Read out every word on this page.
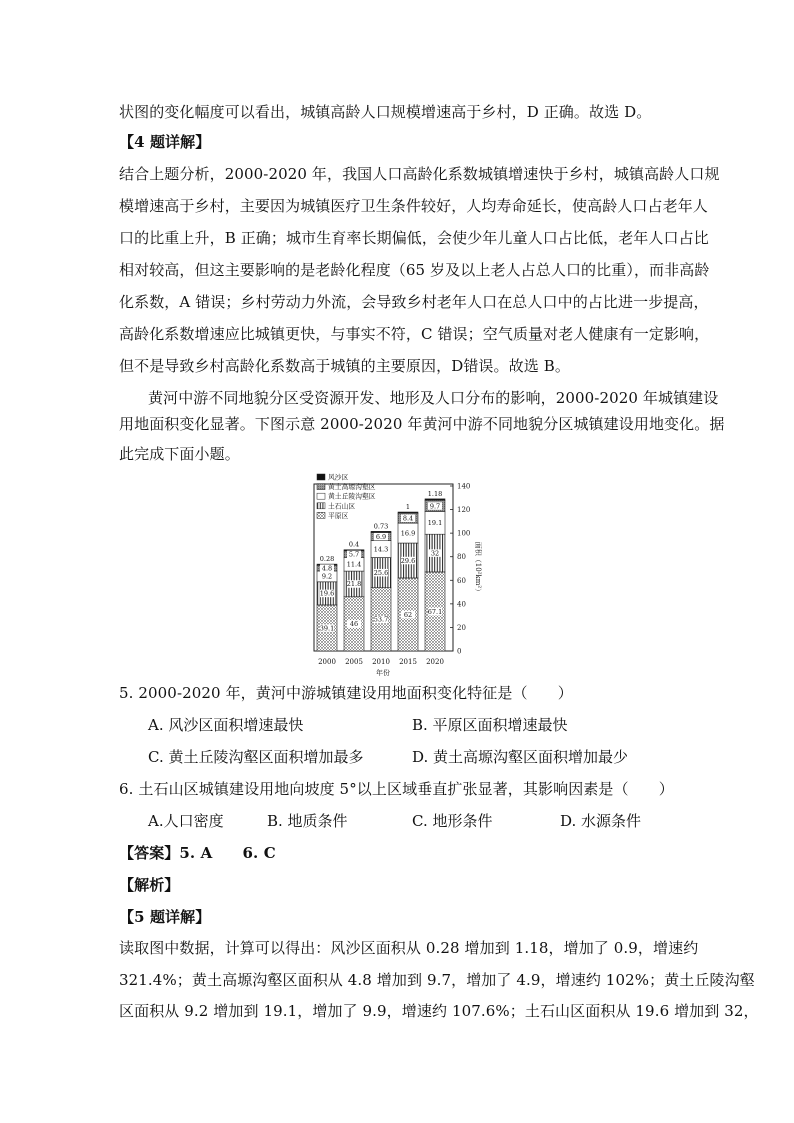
状图的变化幅度可以看出，城镇高龄人口规模增速高于乡村，D 正确。故选 D。
【4 题详解】
结合上题分析，2000-2020 年，我国人口高龄化系数城镇增速快于乡村，城镇高龄人口规
模增速高于乡村，主要因为城镇医疗卫生条件较好，人均寿命延长，使高龄人口占老年人
口的比重上升，B 正确；城市生育率长期偏低，会使少年儿童人口占比低，老年人口占比
相对较高，但这主要影响的是老龄化程度（65 岁及以上老人占总人口的比重），而非高龄
化系数，A 错误；乡村劳动力外流，会导致乡村老年人口在总人口中的占比进一步提高，
高龄化系数增速应比城镇更快，与事实不符，C 错误；空气质量对老人健康有一定影响，
但不是导致乡村高龄化系数高于城镇的主要原因，D错误。故选 B。
黄河中游不同地貌分区受资源开发、地形及人口分布的影响，2000-2020 年城镇建设
用地面积变化显著。下图示意 2000-2020 年黄河中游不同地貌分区城镇建设用地变化。据
此完成下面小题。
39.1
19.6
9.2
4.8
0.28
46
21.8
11.4
5.7
0.4
53.7
25.6
14.3
6.9
0.73
62
29.6
16.9
8.4
1
67.1
32
19.1
9.7
1.18
0
20
40
60
80
100
120
140
面积（10²km²）
2000 2005 2010 2015 2020
年份
风沙区
黄土高塬沟壑区
黄土丘陵沟壑区
土石山区
平原区
5. 2000-2020 年，黄河中游城镇建设用地面积变化特征是（　　）
A. 风沙区面积增速最快	B. 平原区面积增速最快
C. 黄土丘陵沟壑区面积增加最多	D. 黄土高塬沟壑区面积增加最少
6. 土石山区城镇建设用地向坡度 5°以上区域垂直扩张显著，其影响因素是（　　）
A.人口密度	B. 地质条件	C. 地形条件	D. 水源条件
【答案】5. A　　6. C
【解析】
【5 题详解】
读取图中数据，计算可以得出：风沙区面积从 0.28 增加到 1.18，增加了 0.9，增速约
321.4%；黄土高塬沟壑区面积从 4.8 增加到 9.7，增加了 4.9，增速约 102%；黄土丘陵沟壑
区面积从 9.2 增加到 19.1，增加了 9.9，增速约 107.6%；土石山区面积从 19.6 增加到 32，
